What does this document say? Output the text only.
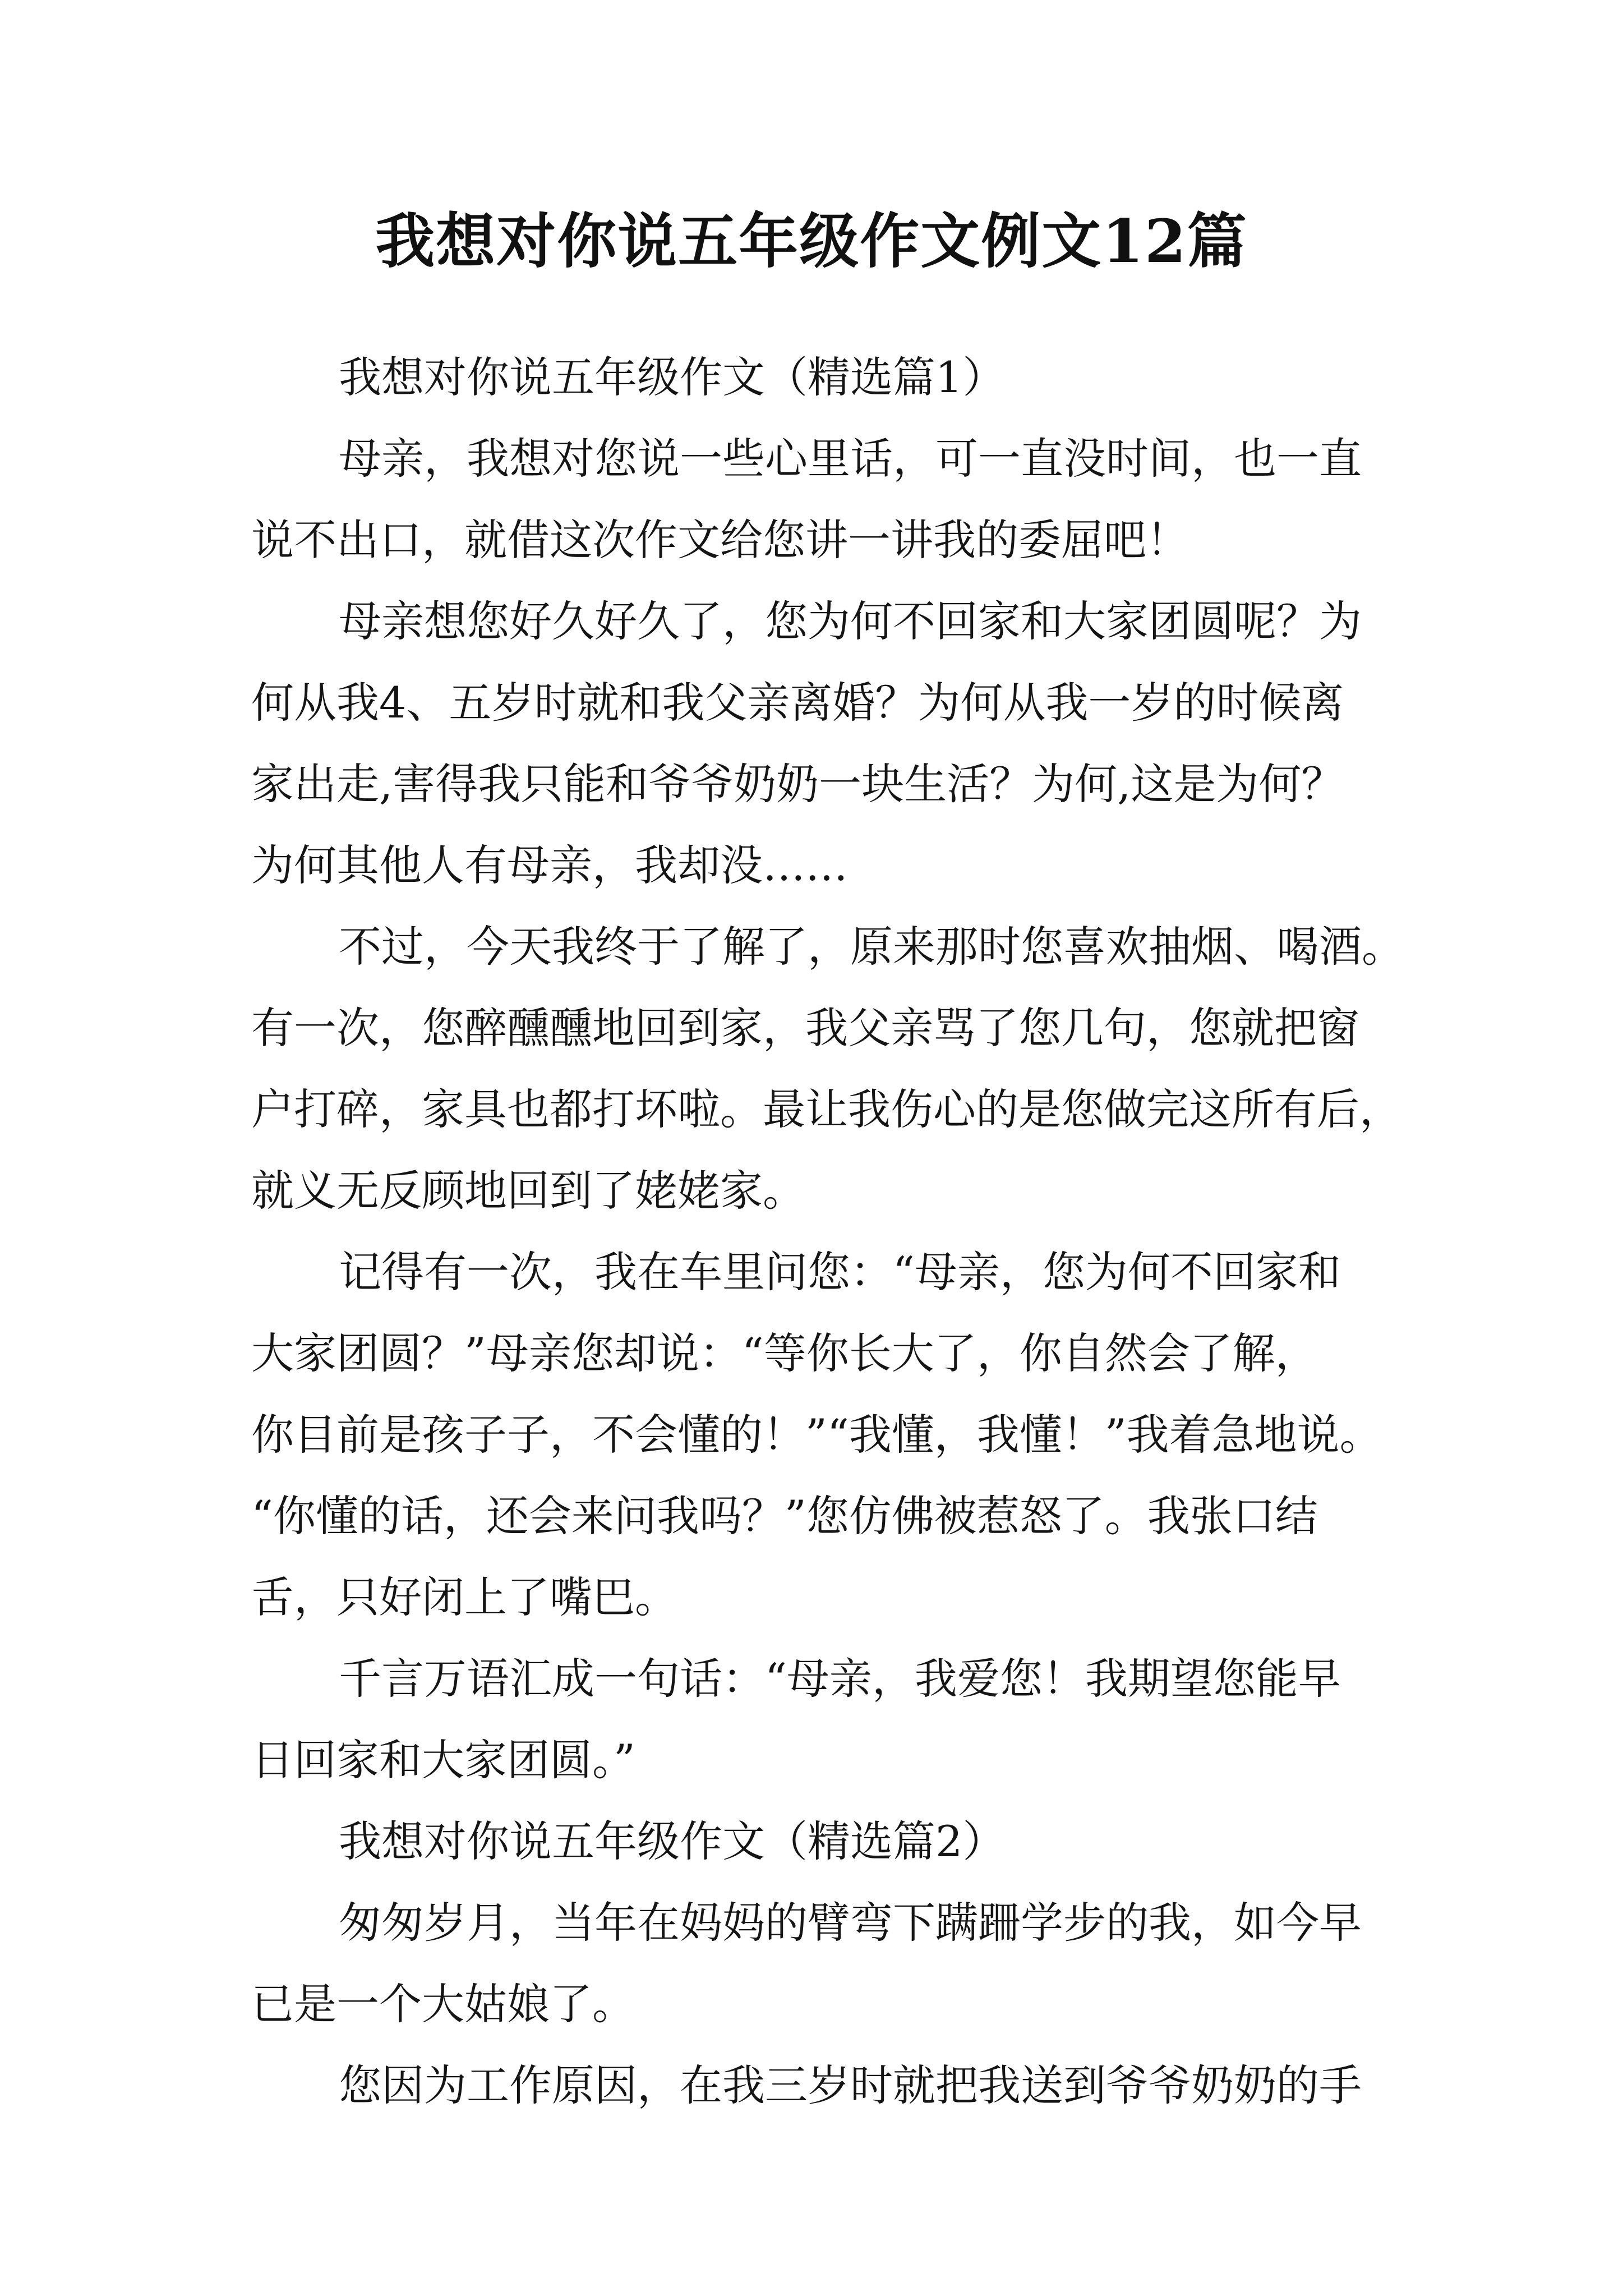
我想对你说五年级作文例文12篇
我想对你说五年级作文（精选篇1）
母亲，我想对您说一些心里话，可一直没时间，也一直
说不出口，就借这次作文给您讲一讲我的委屈吧！
母亲想您好久好久了，您为何不回家和大家团圆呢？为
何从我4、五岁时就和我父亲离婚？为何从我一岁的时候离
家出走,害得我只能和爷爷奶奶一块生活？为何,这是为何？
为何其他人有母亲，我却没……
不过，今天我终于了解了，原来那时您喜欢抽烟、喝酒。
有一次，您醉醺醺地回到家，我父亲骂了您几句，您就把窗
户打碎，家具也都打坏啦。最让我伤心的是您做完这所有后，
就义无反顾地回到了姥姥家。
记得有一次，我在车里问您：“母亲，您为何不回家和
大家团圆？”母亲您却说：“等你长大了，你自然会了解，
你目前是孩子子，不会懂的！”“我懂，我懂！”我着急地说。
“你懂的话，还会来问我吗？”您仿佛被惹怒了。我张口结
舌，只好闭上了嘴巴。
千言万语汇成一句话：“母亲，我爱您！我期望您能早
日回家和大家团圆。”
我想对你说五年级作文（精选篇2）
匆匆岁月，当年在妈妈的臂弯下蹒跚学步的我，如今早
已是一个大姑娘了。
您因为工作原因，在我三岁时就把我送到爷爷奶奶的手
